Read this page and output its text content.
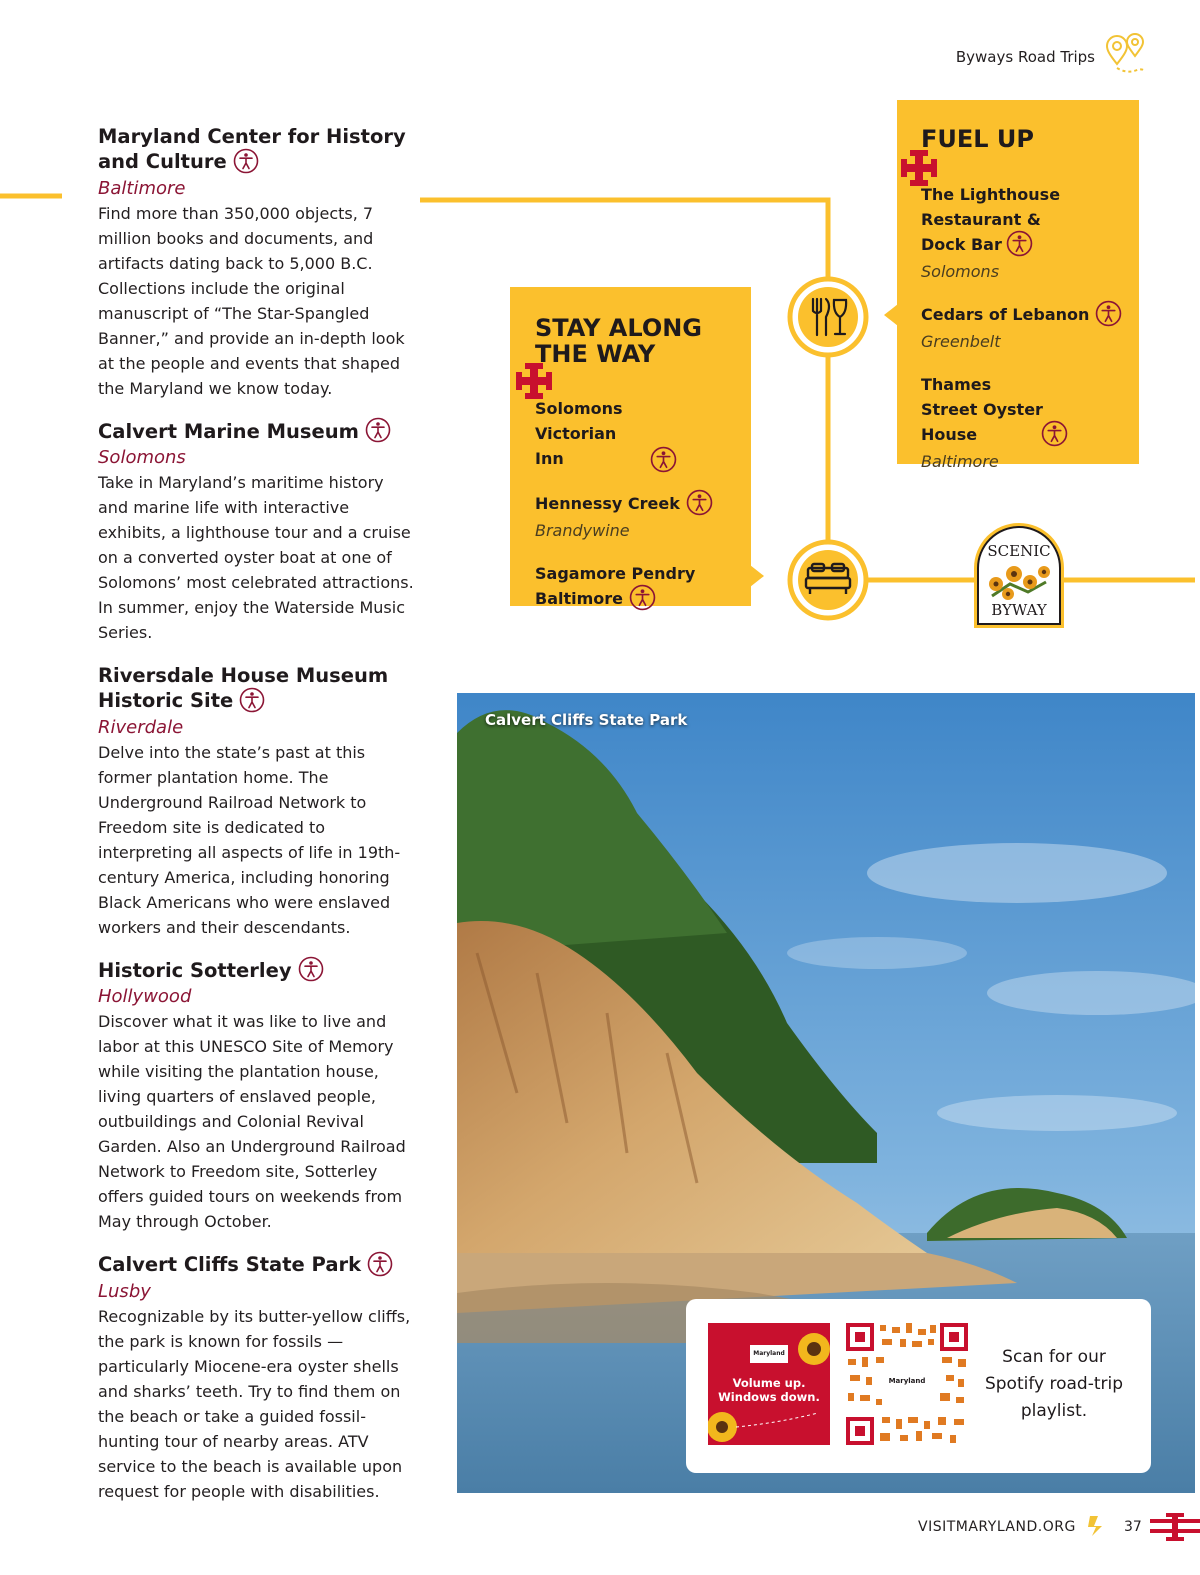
Byways Road Trips
Maryland Center for History and Culture
Baltimore

Find more than 350,000 objects, 7 million books and documents, and artifacts dating back to 5,000 B.C. Collections include the original manuscript of “The Star-Spangled Banner,” and provide an in-depth look at the people and events that shaped the Maryland we know today.

Calvert Marine Museum
Solomons

Take in Maryland’s maritime history and marine life with interactive exhibits, a lighthouse tour and a cruise on a converted oyster boat at one of Solomons’ most celebrated attractions. In summer, enjoy the Waterside Music Series.

Riversdale House Museum Historic Site
Riverdale

Delve into the state’s past at this former plantation home. The Underground Railroad Network to Freedom site is dedicated to interpreting all aspects of life in 19th-century America, including honoring Black Americans who were enslaved workers and their descendants.

Historic Sotterley
Hollywood

Discover what it was like to live and labor at this UNESCO Site of Memory while visiting the plantation house, living quarters of enslaved people, outbuildings and Colonial Revival Garden. Also an Underground Railroad Network to Freedom site, Sotterley offers guided tours on weekends from May through October.

Calvert Cliffs State Park
Lusby

Recognizable by its butter-yellow cliffs, the park is known for fossils — particularly Miocene-era oyster shells and sharks’ teeth. Try to find them on the beach or take a guided fossil-hunting tour of nearby areas. ATV service to the beach is available upon request for people with disabilities.

STAY ALONG THE WAY
Solomons Victorian Inn
Hennessy Creek
Brandywine
Sagamore Pendry
Baltimore
FUEL UP
The Lighthouse Restaurant & Dock Bar
Solomons
Cedars of Lebanon
Greenbelt
Thames Street Oyster House
Baltimore
SCENIC
BYWAY
Calvert Cliffs State Park
Maryland
Volume up.
Windows down.
Maryland
Scan for our Spotify road-trip playlist.
VISITMARYLAND.ORG	37
